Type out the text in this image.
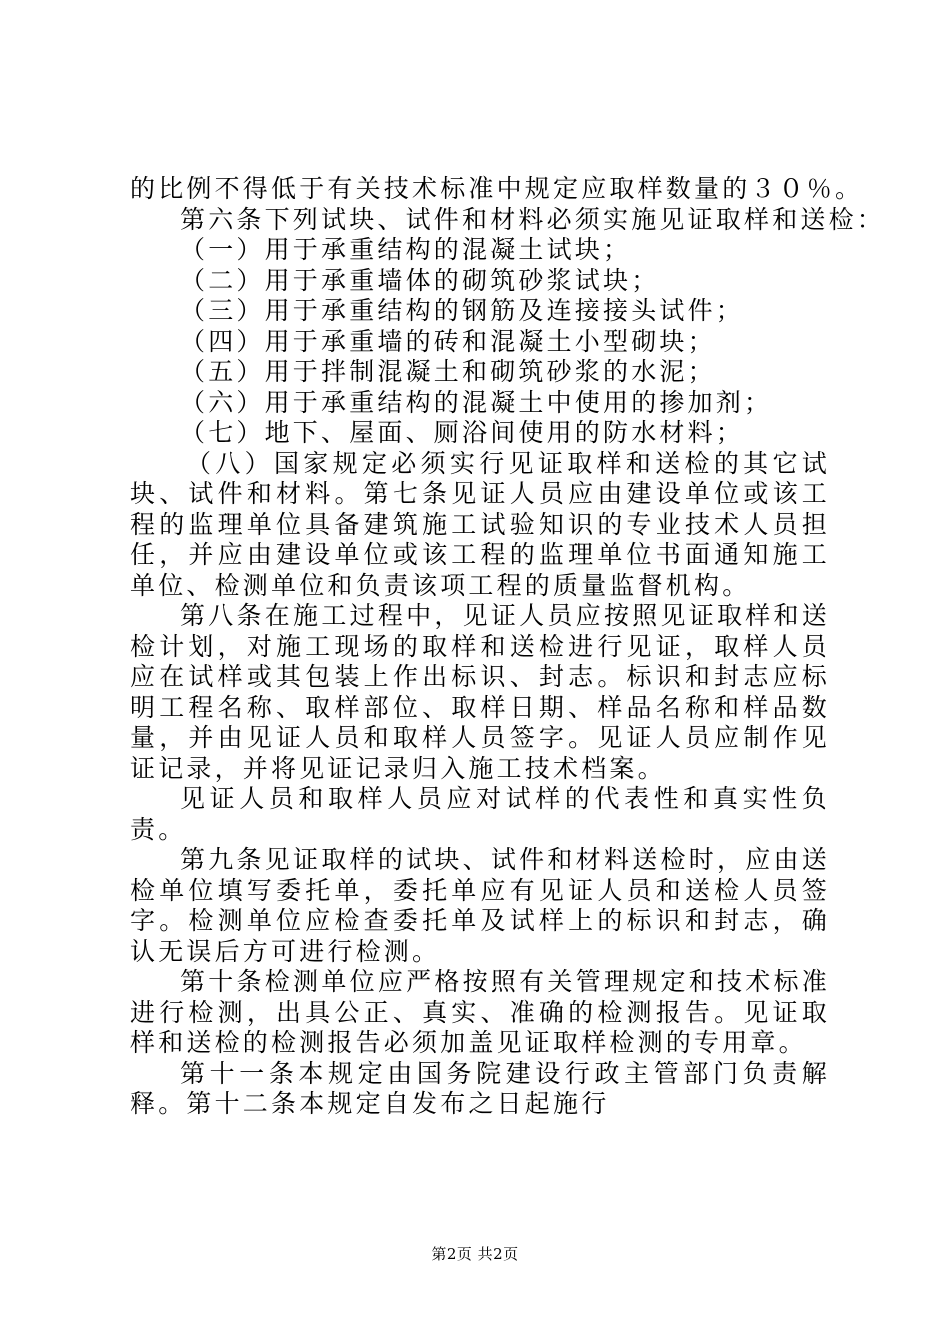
的比例不得低于有关技术标准中规定应取样数量的３０％。

第六条下列试块、试件和材料必须实施见证取样和送检：

（一）用于承重结构的混凝土试块；

（二）用于承重墙体的砌筑砂浆试块；

（三）用于承重结构的钢筋及连接接头试件；

（四）用于承重墙的砖和混凝土小型砌块；

（五）用于拌制混凝土和砌筑砂浆的水泥；

（六）用于承重结构的混凝土中使用的掺加剂；

（七）地下、屋面、厕浴间使用的防水材料；

（八）国家规定必须实行见证取样和送检的其它试块、试件和材料。第七条见证人员应由建设单位或该工程的监理单位具备建筑施工试验知识的专业技术人员担任，并应由建设单位或该工程的监理单位书面通知施工单位、检测单位和负责该项工程的质量监督机构。

第八条在施工过程中，见证人员应按照见证取样和送检计划，对施工现场的取样和送检进行见证，取样人员应在试样或其包装上作出标识、封志。标识和封志应标明工程名称、取样部位、取样日期、样品名称和样品数量，并由见证人员和取样人员签字。见证人员应制作见证记录，并将见证记录归入施工技术档案。

见证人员和取样人员应对试样的代表性和真实性负责。

第九条见证取样的试块、试件和材料送检时，应由送检单位填写委托单，委托单应有见证人员和送检人员签字。检测单位应检查委托单及试样上的标识和封志，确认无误后方可进行检测。

第十条检测单位应严格按照有关管理规定和技术标准进行检测，出具公正、真实、准确的检测报告。见证取样和送检的检测报告必须加盖见证取样检测的专用章。

第十一条本规定由国务院建设行政主管部门负责解释。第十二条本规定自发布之日起施行

第2页 共2页
